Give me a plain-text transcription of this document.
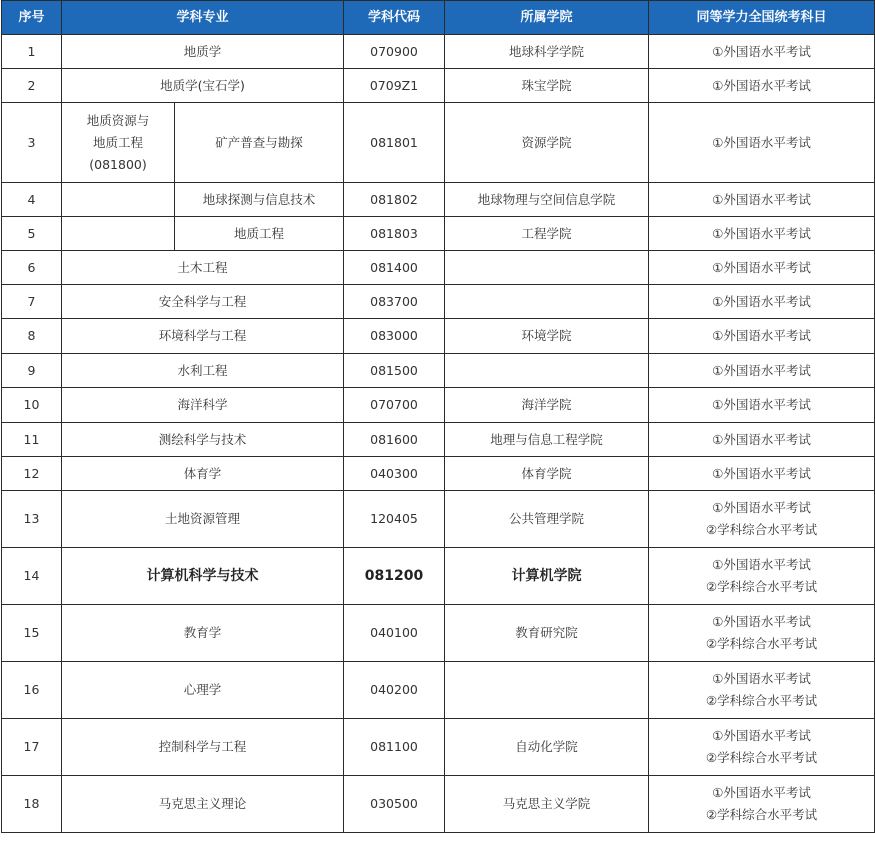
序号	学科专业		学科代码	所属学院	同等学力全国统考科目
1	地质学		070900	地球科学学院	①外国语水平考试

2	地质学(宝石学)		0709Z1	珠宝学院	①外国语水平考试

3	地质资源与
地质工程
(081800)	矿产普查与勘探	081801	资源学院	①外国语水平考试

4		地球探测与信息技术	081802	地球物理与空间信息学院	①外国语水平考试

5		地质工程	081803	工程学院	①外国语水平考试

6	土木工程		081400		①外国语水平考试

7	安全科学与工程		083700		①外国语水平考试

8	环境科学与工程		083000	环境学院	①外国语水平考试

9	水利工程		081500		①外国语水平考试

10	海洋科学		070700	海洋学院	①外国语水平考试

11	测绘科学与技术		081600	地理与信息工程学院	①外国语水平考试

12	体育学		040300	体育学院	①外国语水平考试

13	土地资源管理		120405	公共管理学院	①外国语水平考试
②学科综合水平考试

14	计算机科学与技术		081200	计算机学院	①外国语水平考试
②学科综合水平考试

15	教育学		040100	教育研究院	①外国语水平考试
②学科综合水平考试

16	心理学		040200		①外国语水平考试
②学科综合水平考试

17	控制科学与工程		081100	自动化学院	①外国语水平考试
②学科综合水平考试

18	马克思主义理论		030500	马克思主义学院	①外国语水平考试
②学科综合水平考试
